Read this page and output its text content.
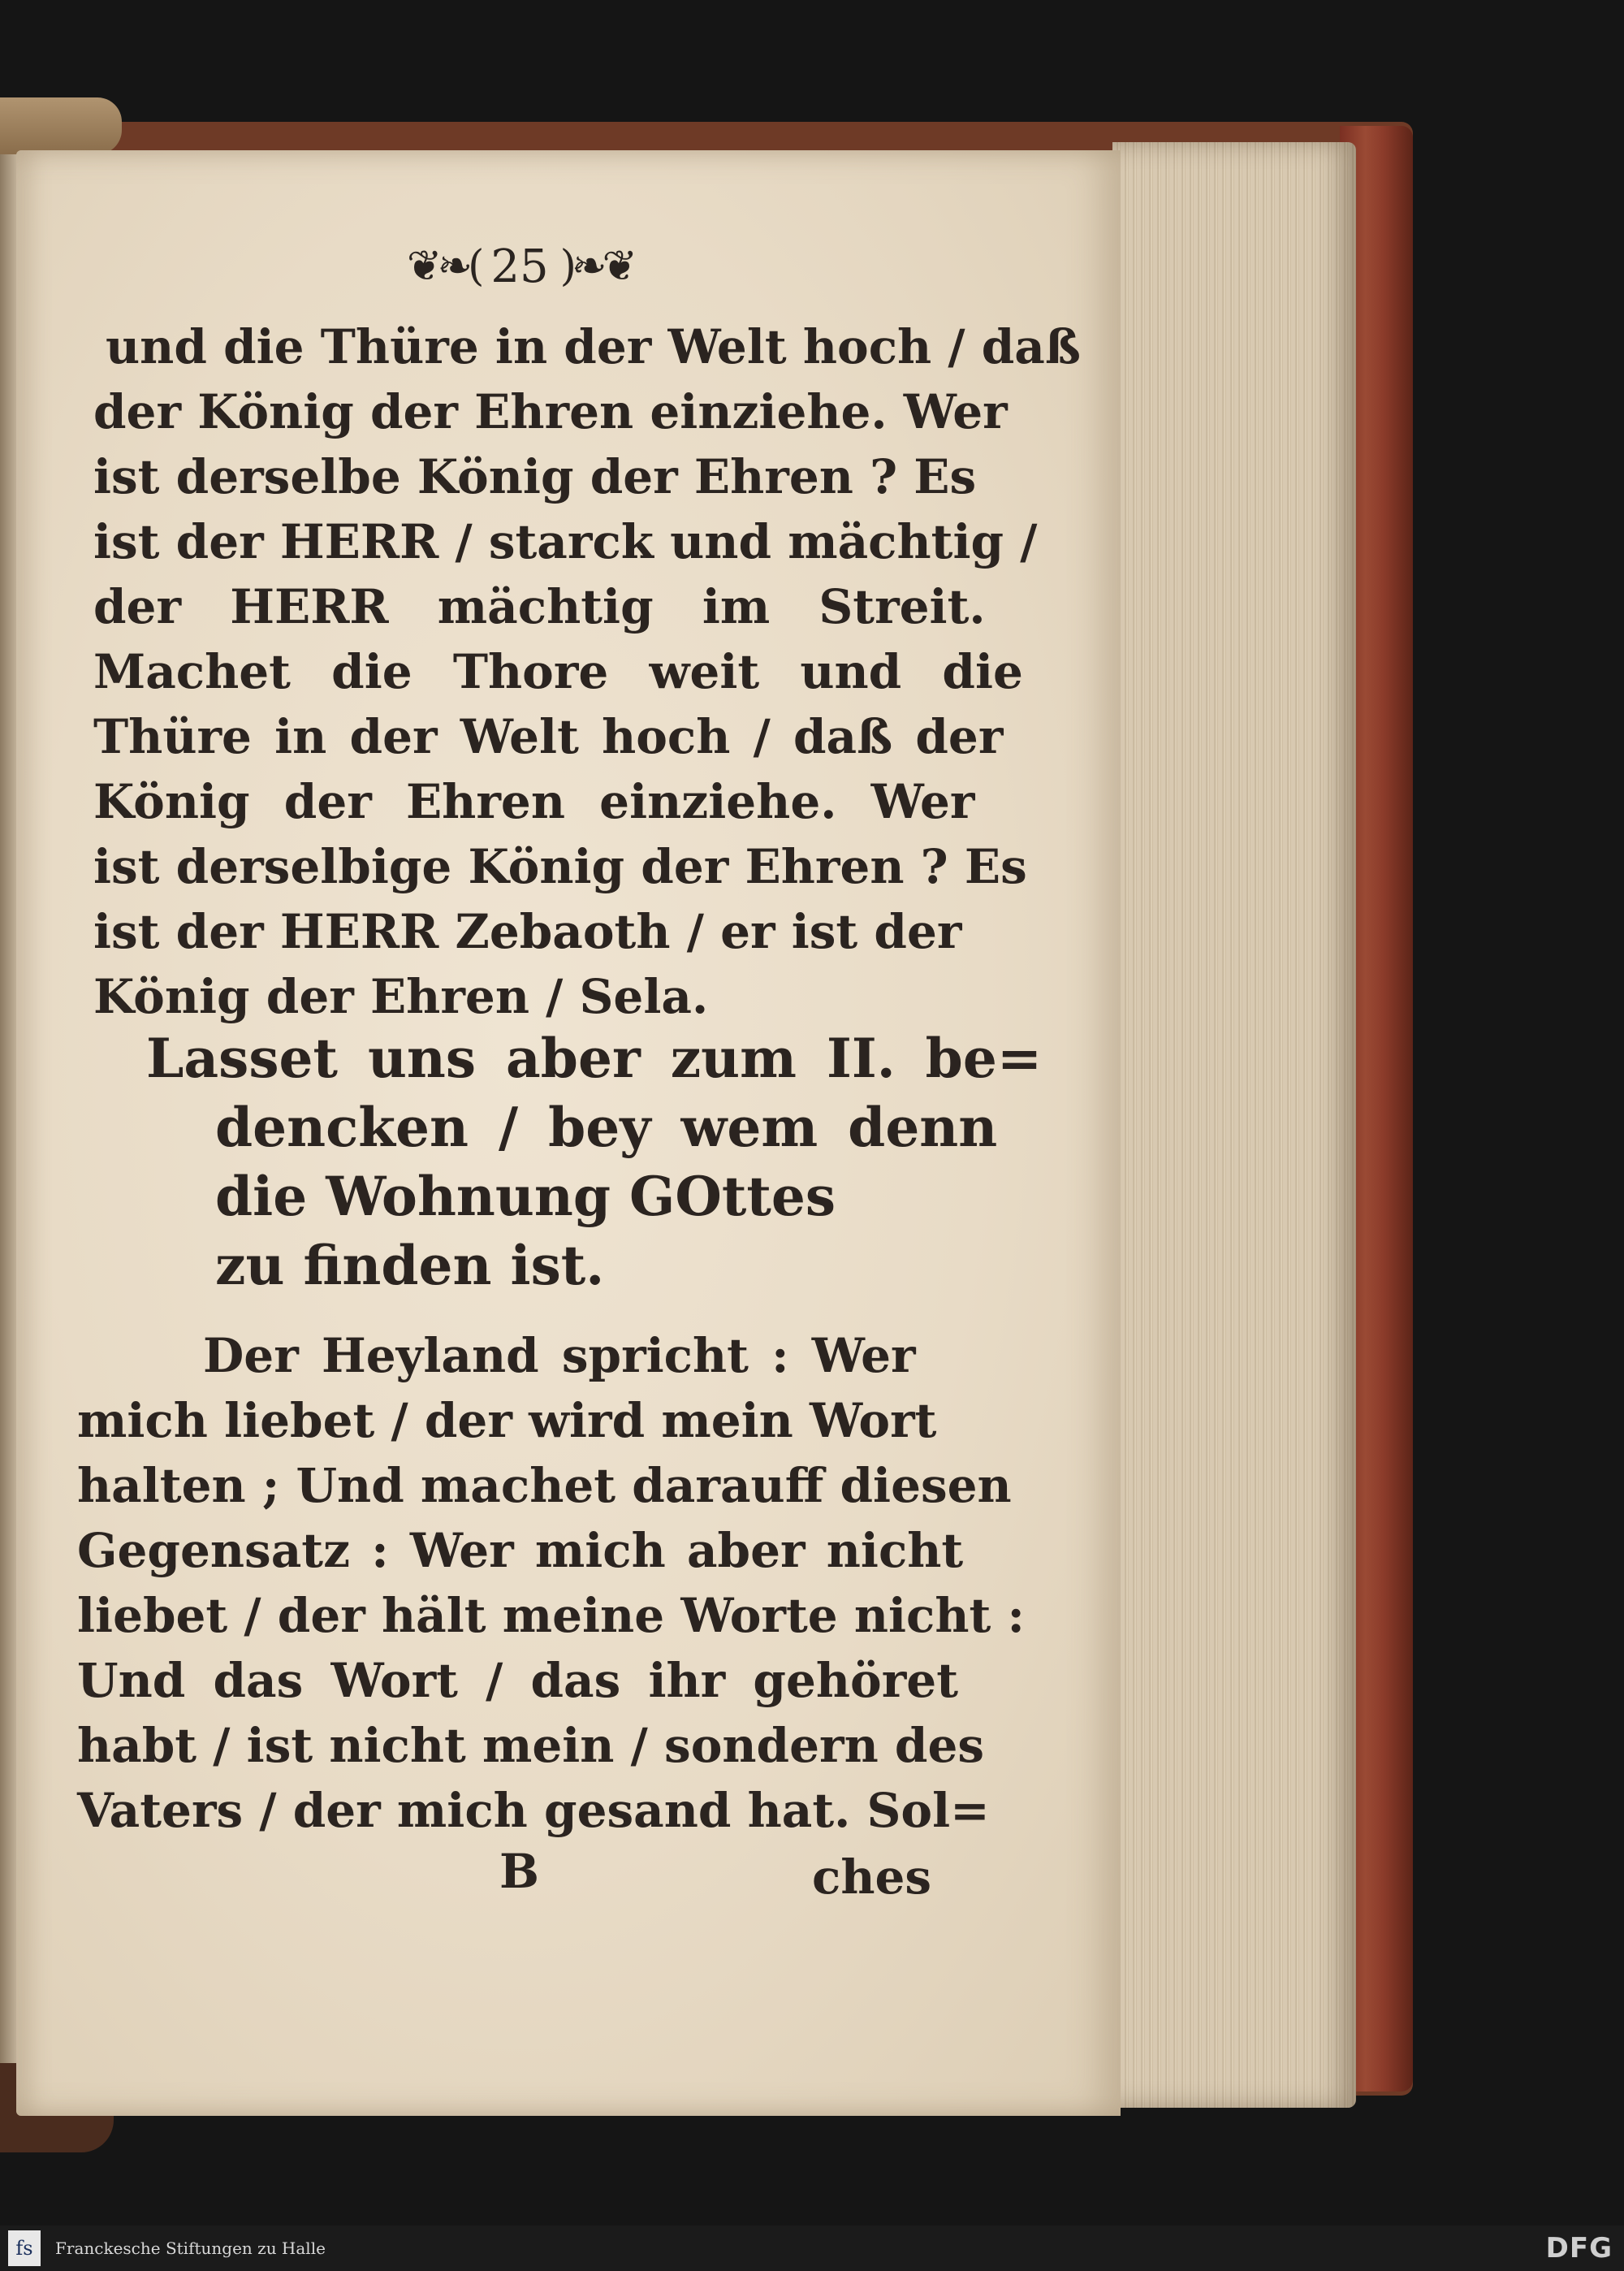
❦❧( 25 )❧❦
und die Thüre in der Welt hoch / daß
der König der Ehren einziehe. Wer
ist derselbe König der Ehren ? Es
ist der HERR / starck und mächtig /
der HERR mächtig im Streit.
Machet die Thore weit und die
Thüre in der Welt hoch / daß der
König der Ehren einziehe. Wer
ist derselbige König der Ehren ? Es
ist der HERR Zebaoth / er ist der
König der Ehren / Sela.
Lasset uns aber zum II. be=
dencken / bey wem denn
die Wohnung GOttes
zu finden ist.
Der Heyland spricht : Wer
mich liebet / der wird mein Wort
halten ; Und machet darauff diesen
Gegensatz : Wer mich aber nicht
liebet / der hält meine Worte nicht :
Und das Wort / das ihr gehöret
habt / ist nicht mein / sondern des
Vaters / der mich gesand hat. Sol=
B	ches
fs	Franckesche Stiftungen zu Halle	DFG
